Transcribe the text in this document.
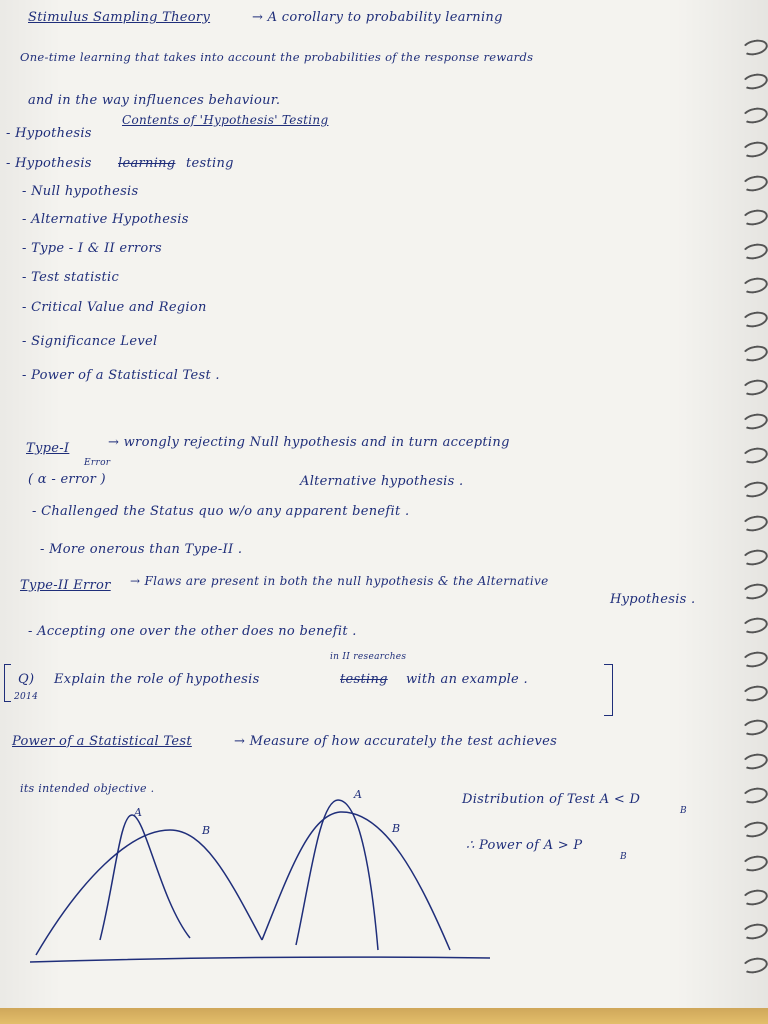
Stimulus Sampling Theory	→ A corollary to probability learning
One-time learning that takes into account the probabilities of the response rewards
and in the way influences behaviour.
Contents of 'Hypothesis' Testing
- Hypothesis
- Hypothesis learning testing
- Null hypothesis
- Alternative Hypothesis
- Type - I & II errors
- Test statistic
- Critical Value and Region
- Significance Level
- Power of a Statistical Test .
Type-I
Error
→ wrongly rejecting Null hypothesis and in turn accepting
( α - error )	Alternative hypothesis .
- Challenged the Status quo w/o any apparent benefit .
- More onerous than Type-II .
Type-II Error → Flaws are present in both the null hypothesis & the Alternative
Hypothesis .
- Accepting one over the other does no benefit .
Q)
2014
Explain the role of hypothesis
in II researches
testing with an example .
Power of a Statistical Test	→ Measure of how accurately the test achieves
its intended objective .
Distribution of Test A < D
B
∴ Power of A > P
B
A
B
A
B
